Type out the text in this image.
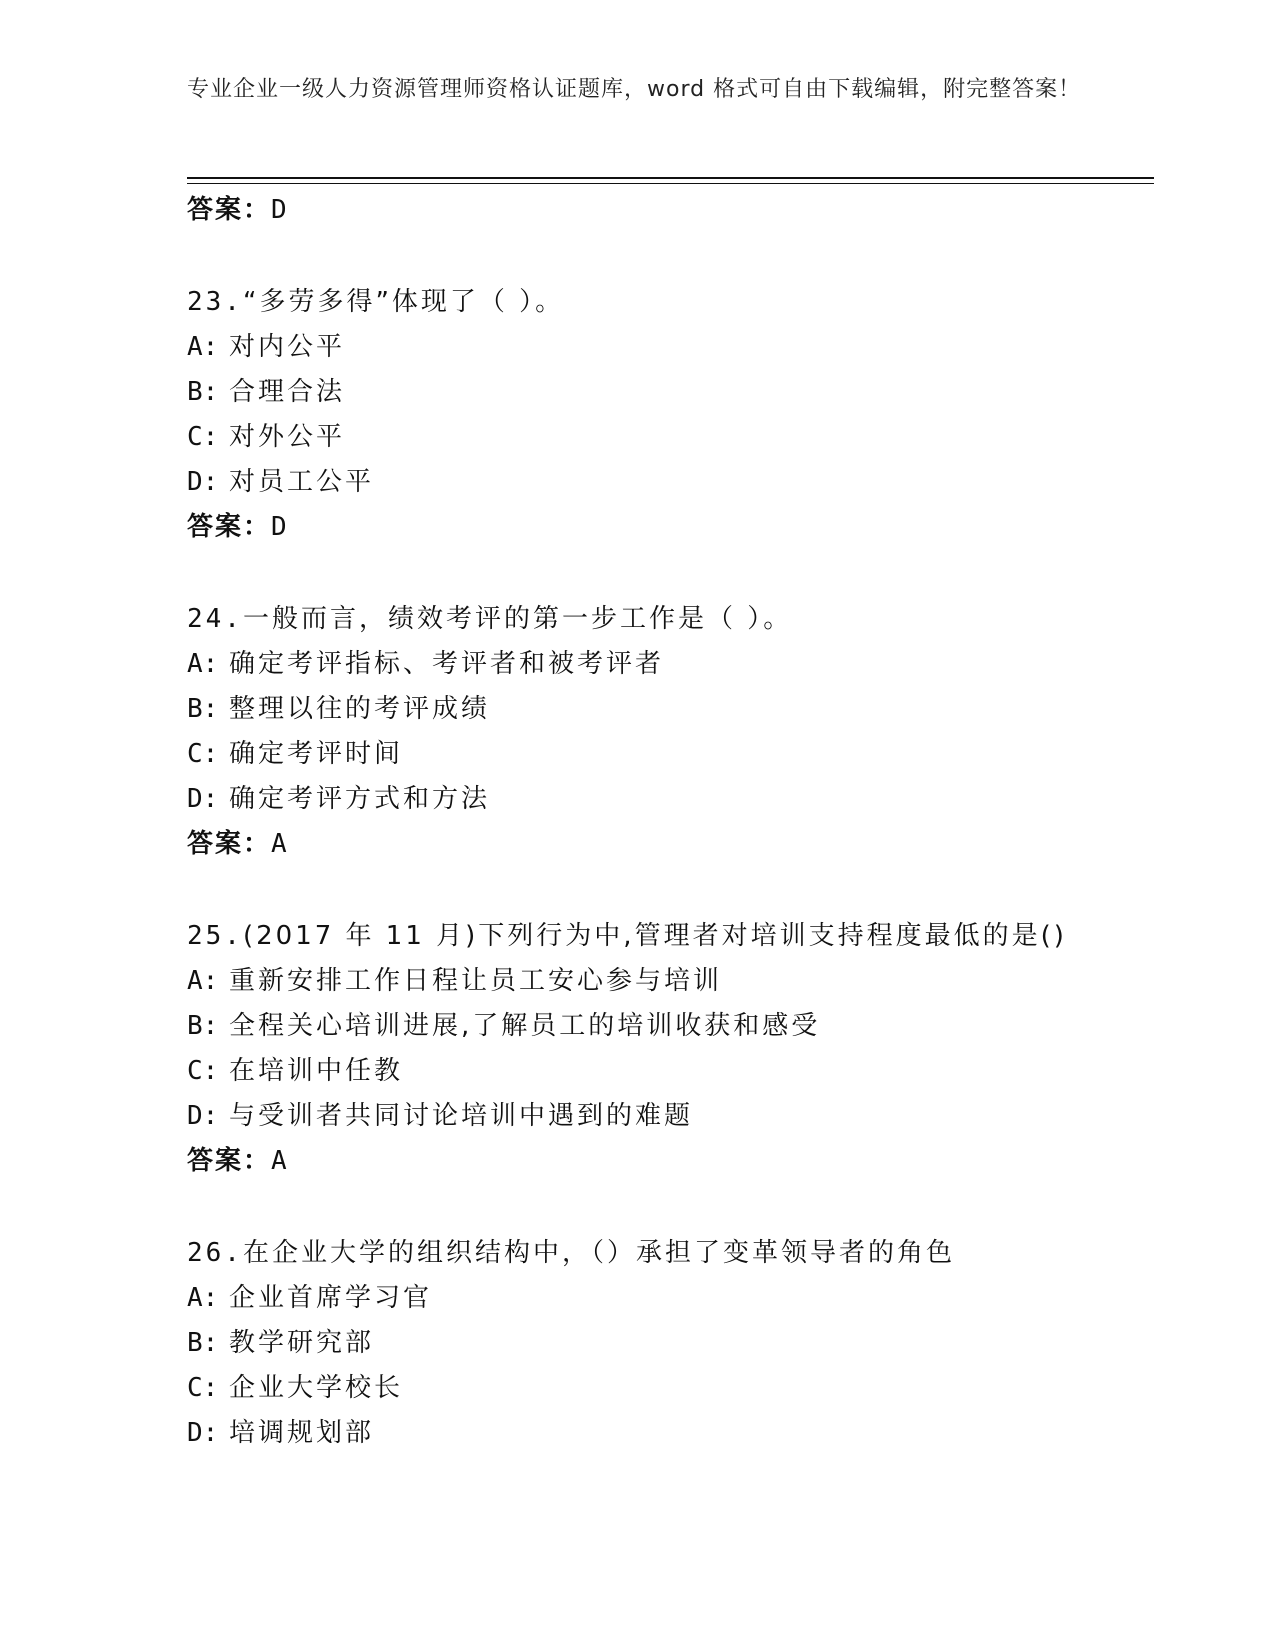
专业企业一级人力资源管理师资格认证题库，word 格式可自由下载编辑，附完整答案！
答案：D
23.“多劳多得”体现了（ ）。
A: 对内公平
B: 合理合法
C: 对外公平
D: 对员工公平
答案：D
24.一般而言，绩效考评的第一步工作是（ ）。
A: 确定考评指标、考评者和被考评者
B: 整理以往的考评成绩
C: 确定考评时间
D: 确定考评方式和方法
答案：A
25.(2017 年 11 月)下列行为中,管理者对培训支持程度最低的是()
A: 重新安排工作日程让员工安心参与培训
B: 全程关心培训进展,了解员工的培训收获和感受
C: 在培训中任教
D: 与受训者共同讨论培训中遇到的难题
答案：A
26.在企业大学的组织结构中，（）承担了变革领导者的角色
A: 企业首席学习官
B: 教学研究部
C: 企业大学校长
D: 培调规划部
